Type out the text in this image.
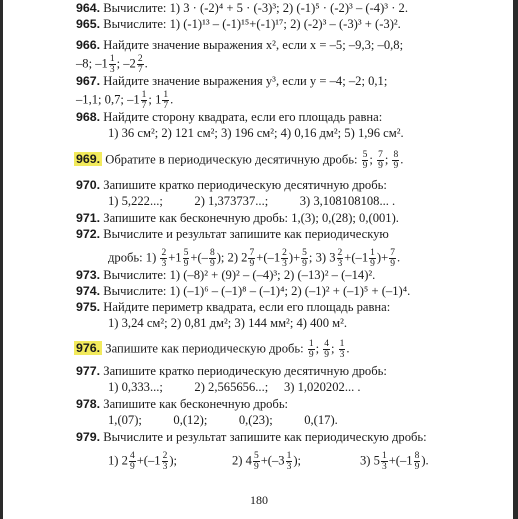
964. Вычислите: 1) 3 · (-2)⁴ + 5 · (-3)³; 2) (-1)⁵ · (-2)³ – (-4)³ · 2.
965. Вычислите: 1) (-1)¹³ – (-1)¹⁵+(-1)¹⁷; 2) (-2)³ – (-3)³ + (-3)².
966. Найдите значение выражения x², если x = –5; –9,3; –0,8;
–8; $-1 \frac{1}{3}$ ; $-2 \frac{2}{7}$ .
967. Найдите значение выражения y³, если y = –4; –2; 0,1;
–1,1; 0,7; $-1 \frac{1}{7}$ ; $1 \frac{1}{7}$ .
968. Найдите сторону квадрата, если его площадь равна:
1) 36 см²; 2) 121 см²; 3) 196 см²; 4) 0,16 дм²; 5) 1,96 см².
969. Обратите в периодическую десятичную дробь: $\frac{5}{9}$ ; $\frac{7}{9}$ ; $\frac{8}{9}$ .
970. Запишите кратко периодическую десятичную дробь:
1) 5,222...;          2) 1,373737...;          3) 3,108108108... .
971. Запишите как бесконечную дробь: 1,(3); 0,(28); 0,(001).
972. Вычислите и результат запишите как периодическую
дробь: $1) \frac{2}{3} +1 \frac{5}{9}$ +(– $\frac{8}{9}$ ); 2) $2 \frac{7}{9} +(-1 \frac{2}{3}$ )+ $\frac{5}{9}$ ; 3) $3 \frac{2}{3} +(-1 \frac{1}{9}$ )+ $\frac{7}{9}$ .
973. Вычислите: 1) (–8)² + (9)² – (–4)³; 2) (–13)² – (–14)².
974. Вычислите: 1) (–1)⁶ – (–1)⁸ – (–1)⁴; 2) (–1)² + (–1)⁵ + (–1)⁴.
975. Найдите периметр квадрата, если его площадь равна:
1) 3,24 см²; 2) 0,81 дм²; 3) 144 мм²; 4) 400 м².
976. Запишите как периодическую дробь: $\frac{1}{9}$ ; $\frac{4}{9}$ ; $\frac{1}{3}$ .
977. Запишите кратко периодическую десятичную дробь:
1) 0,333...;          2) 2,565656...;     3) 1,020202... .
978. Запишите как бесконечную дробь:
1,(07);          0,(12);          0,(23);          0,(17).
979. Вычислите и результат запишите как периодическую дробь:
1) $2 \frac{4}{9} +(-1 \frac{2}{3}$ );	2) $4 \frac{5}{9} +(-3 \frac{1}{3}$ );	3) $5 \frac{1}{3} +(-1 \frac{8}{9}$ ).
180
